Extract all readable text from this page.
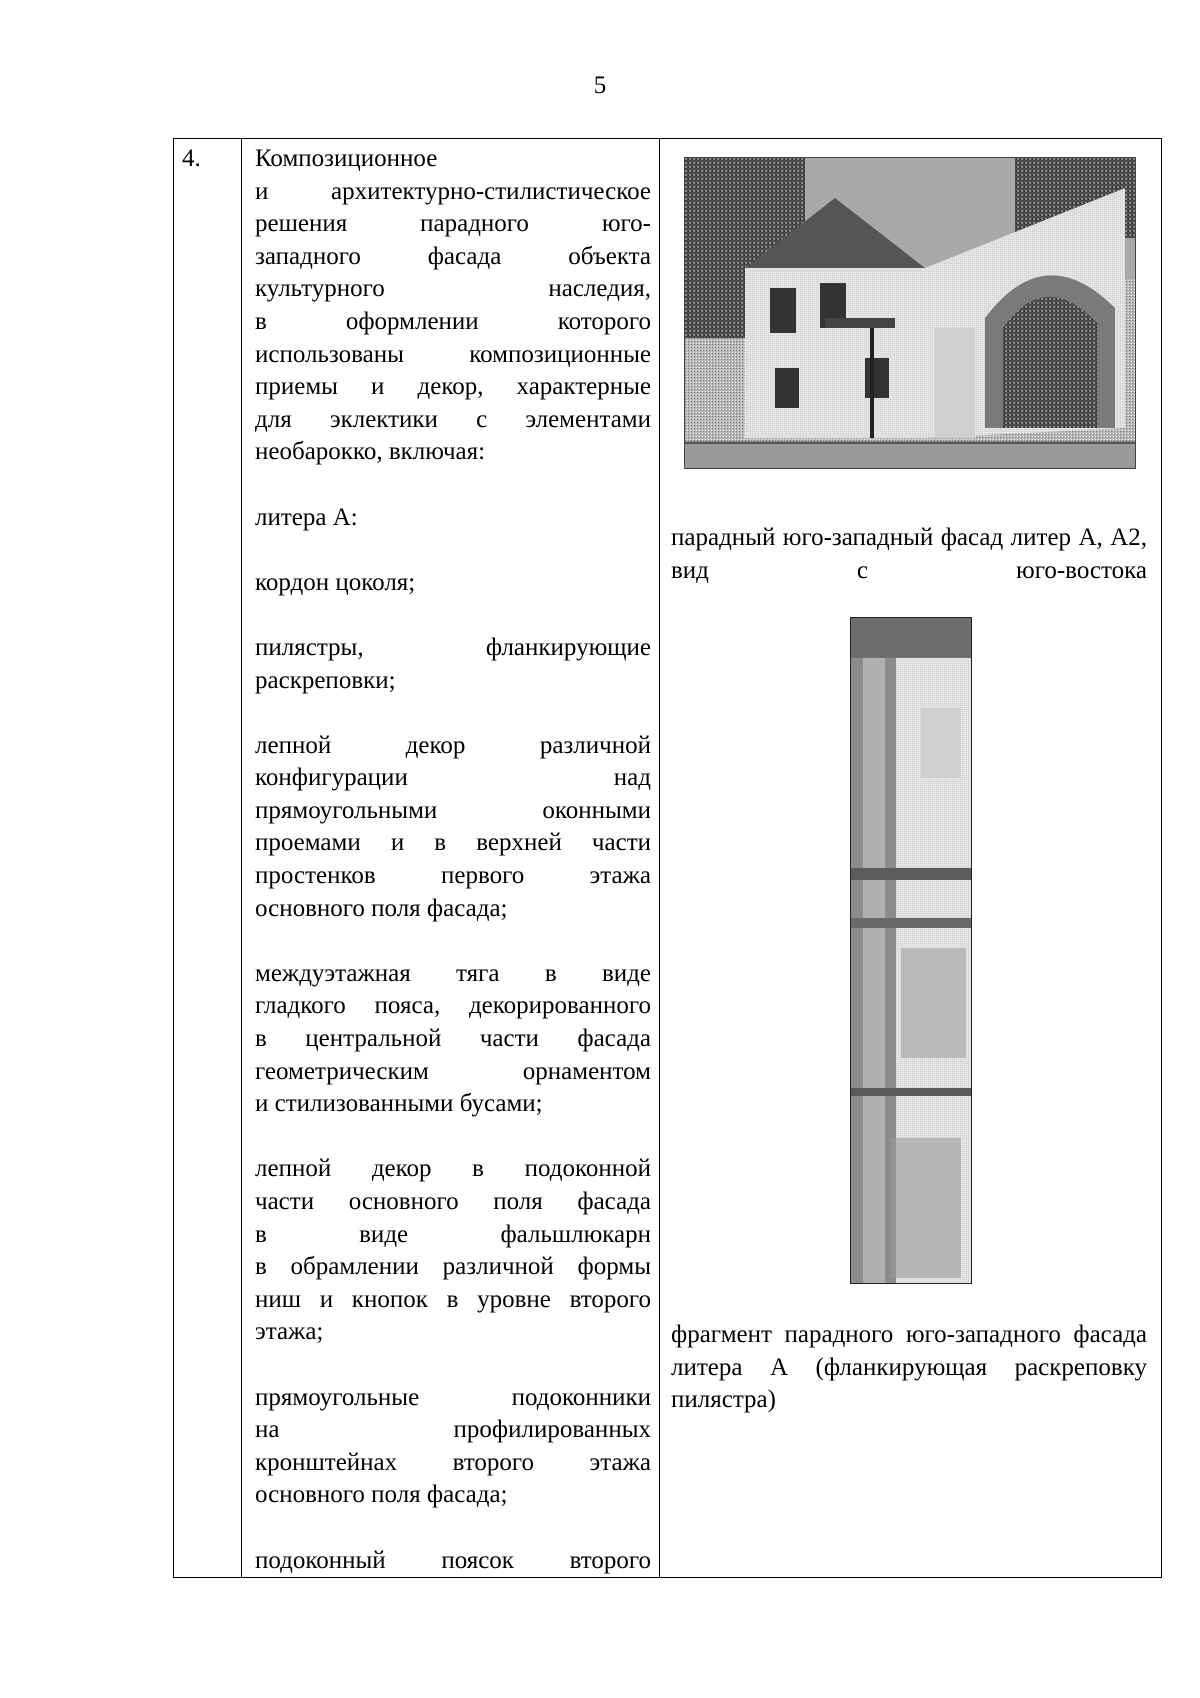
5
4. Композиционное
и архитектурно-стилистическое
решения парадного юго-
западного фасада объекта
культурного наследия,
в оформлении которого
использованы композиционные
приемы и декор, характерные
для эклектики с элементами
необарокко, включая:
литера А:
кордон цоколя;
пилястры, фланкирующие
раскреповки;
лепной декор различной
конфигурации над
прямоугольными оконными
проемами и в верхней части
простенков первого этажа
основного поля фасада;
междуэтажная тяга в виде
гладкого пояса, декорированного
в центральной части фасада
геометрическим орнаментом
и стилизованными бусами;
лепной декор в подоконной
части основного поля фасада
в виде фальшлюкарн
в обрамлении различной формы
ниш и кнопок в уровне второго
этажа;
прямоугольные подоконники
на профилированных
кронштейнах второго этажа
основного поля фасада;
подоконный поясок второго
парадный юго-западный фасад литер А, А2, вид с юго-востока
фрагмент парадного юго-западного фасада литера А (фланкирующая раскреповку пилястра)
